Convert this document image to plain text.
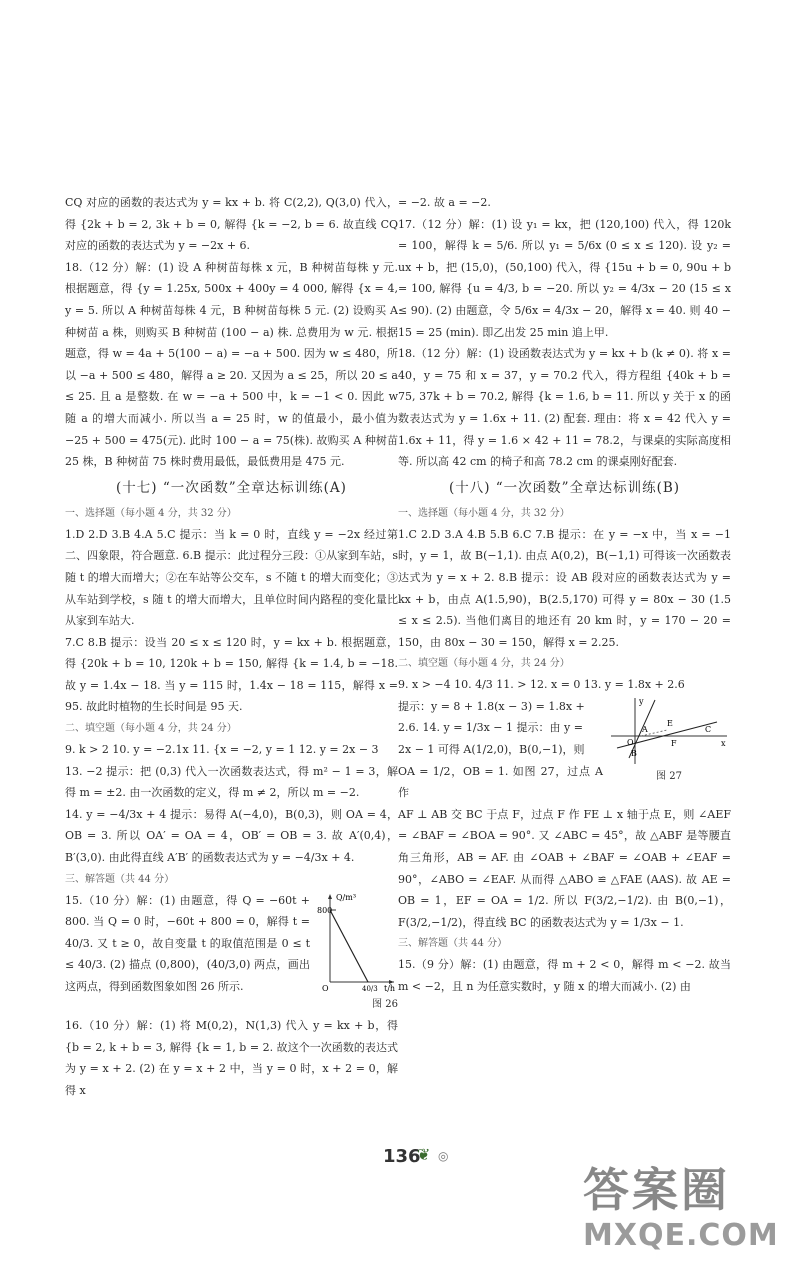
CQ 对应的函数的表达式为 y = kx + b. 将 C(2,2), Q(3,0) 代入，得 {2k + b = 2, 3k + b = 0, 解得 {k = −2, b = 6. 故直线 CQ 对应的函数的表达式为 y = −2x + 6.

18.（12 分）解：(1) 设 A 种树苗每株 x 元，B 种树苗每株 y 元. 根据题意，得 {y = 1.25x, 500x + 400y = 4 000, 解得 {x = 4, y = 5. 所以 A 种树苗每株 4 元，B 种树苗每株 5 元. (2) 设购买 A 种树苗 a 株，则购买 B 种树苗 (100 − a) 株. 总费用为 w 元. 根据题意，得 w = 4a + 5(100 − a) = −a + 500. 因为 w ≤ 480，所以 −a + 500 ≤ 480，解得 a ≥ 20. 又因为 a ≤ 25，所以 20 ≤ a ≤ 25. 且 a 是整数. 在 w = −a + 500 中，k = −1 < 0. 因此 w 随 a 的增大而减小. 所以当 a = 25 时，w 的值最小，最小值为 −25 + 500 = 475(元). 此时 100 − a = 75(株). 故购买 A 种树苗 25 株，B 种树苗 75 株时费用最低，最低费用是 475 元.

(十七) “一次函数”全章达标训练(A)
一、选择题（每小题 4 分，共 32 分）

1.D 2.D 3.B 4.A 5.C 提示：当 k = 0 时，直线 y = −2x 经过第二、四象限，符合题意. 6.B 提示：此过程分三段：①从家到车站，s 随 t 的增大而增大；②在车站等公交车，s 不随 t 的增大而变化；③从车站到学校，s 随 t 的增大而增大，且单位时间内路程的变化量比从家到车站大.

7.C 8.B 提示：设当 20 ≤ x ≤ 120 时，y = kx + b. 根据题意，得 {20k + b = 10, 120k + b = 150, 解得 {k = 1.4, b = −18. 故 y = 1.4x − 18. 当 y = 115 时，1.4x − 18 = 115，解得 x = 95. 故此时植物的生长时间是 95 天.

二、填空题（每小题 4 分，共 24 分）

9. k > 2 10. y = −2.1x 11. {x = −2, y = 1 12. y = 2x − 3

13. −2 提示：把 (0,3) 代入一次函数表达式，得 m² − 1 = 3，解得 m = ±2. 由一次函数的定义，得 m ≠ 2，所以 m = −2.

14. y = −4/3x + 4 提示：易得 A(−4,0)，B(0,3)，则 OA = 4，OB = 3. 所以 OA′ = OA = 4，OB′ = OB = 3. 故 A′(0,4)，B′(3,0). 由此得直线 A′B′ 的函数表达式为 y = −4/3x + 4.

三、解答题（共 44 分）

15.（10 分）解：(1) 由题意，得 Q = −60t + 800. 当 Q = 0 时，−60t + 800 = 0，解得 t = 40/3. 又 t ≥ 0，故自变量 t 的取值范围是 0 ≤ t ≤ 40/3. (2) 描点 (0,800)，(40/3,0) 两点，画出这两点，得到函数图象如图 26 所示.

800
Q/m³
t/h
40/3
O
图 26

16.（10 分）解：(1) 将 M(0,2)，N(1,3) 代入 y = kx + b，得 {b = 2, k + b = 3, 解得 {k = 1, b = 2. 故这个一次函数的表达式为 y = x + 2. (2) 在 y = x + 2 中，当 y = 0 时，x + 2 = 0，解得 x

= −2. 故 a = −2.

17.（12 分）解：(1) 设 y₁ = kx，把 (120,100) 代入，得 120k = 100，解得 k = 5/6. 所以 y₁ = 5/6x (0 ≤ x ≤ 120). 设 y₂ = ux + b，把 (15,0)，(50,100) 代入，得 {15u + b = 0, 90u + b = 100, 解得 {u = 4/3, b = −20. 所以 y₂ = 4/3x − 20 (15 ≤ x ≤ 90). (2) 由题意，令 5/6x = 4/3x − 20，解得 x = 40. 则 40 − 15 = 25 (min). 即乙出发 25 min 追上甲.

18.（12 分）解：(1) 设函数表达式为 y = kx + b (k ≠ 0). 将 x = 40，y = 75 和 x = 37，y = 70.2 代入，得方程组 {40k + b = 75, 37k + b = 70.2, 解得 {k = 1.6, b = 11. 所以 y 关于 x 的函数表达式为 y = 1.6x + 11. (2) 配套. 理由：将 x = 42 代入 y = 1.6x + 11，得 y = 1.6 × 42 + 11 = 78.2，与课桌的实际高度相等. 所以高 42 cm 的椅子和高 78.2 cm 的课桌刚好配套.

(十八) “一次函数”全章达标训练(B)
一、选择题（每小题 4 分，共 32 分）

1.C 2.D 3.A 4.B 5.B 6.C 7.B 提示：在 y = −x 中，当 x = −1 时，y = 1，故 B(−1,1). 由点 A(0,2)，B(−1,1) 可得该一次函数表达式为 y = x + 2. 8.B 提示：设 AB 段对应的函数表达式为 y = kx + b，由点 A(1.5,90)，B(2.5,170) 可得 y = 80x − 30 (1.5 ≤ x ≤ 2.5). 当他们离目的地还有 20 km 时，y = 170 − 20 = 150，由 80x − 30 = 150，解得 x = 2.25.

二、填空题（每小题 4 分，共 24 分）

9. x > −4 10. 4/3 11. > 12. x = 0 13. y = 1.8x + 2.6

提示：y = 8 + 1.8(x − 3) = 1.8x +

2.6. 14. y = 1/3x − 1 提示：由 y =

2x − 1 可得 A(1/2,0)，B(0,−1)，则

OA = 1/2，OB = 1. 如图 27，过点 A 作

y
x
O
A
B
C
E
F
图 27

AF ⊥ AB 交 BC 于点 F，过点 F 作 FE ⊥ x 轴于点 E，则 ∠AEF = ∠BAF = ∠BOA = 90°. 又 ∠ABC = 45°，故 △ABF 是等腰直角三角形，AB = AF. 由 ∠OAB + ∠BAF = ∠OAB + ∠EAF = 90°，∠ABO = ∠EAF. 从而得 △ABO ≌ △FAE (AAS). 故 AE = OB = 1，EF = OA = 1/2. 所以 F(3/2,−1/2). 由 B(0,−1)，F(3/2,−1/2)，得直线 BC 的函数表达式为 y = 1/3x − 1.

三、解答题（共 44 分）

15.（9 分）解：(1) 由题意，得 m + 2 < 0，解得 m < −2. 故当 m < −2，且 n 为任意实数时，y 随 x 的增大而减小. (2) 由

136
❦ ◎
答案圈
MXQE.COM
